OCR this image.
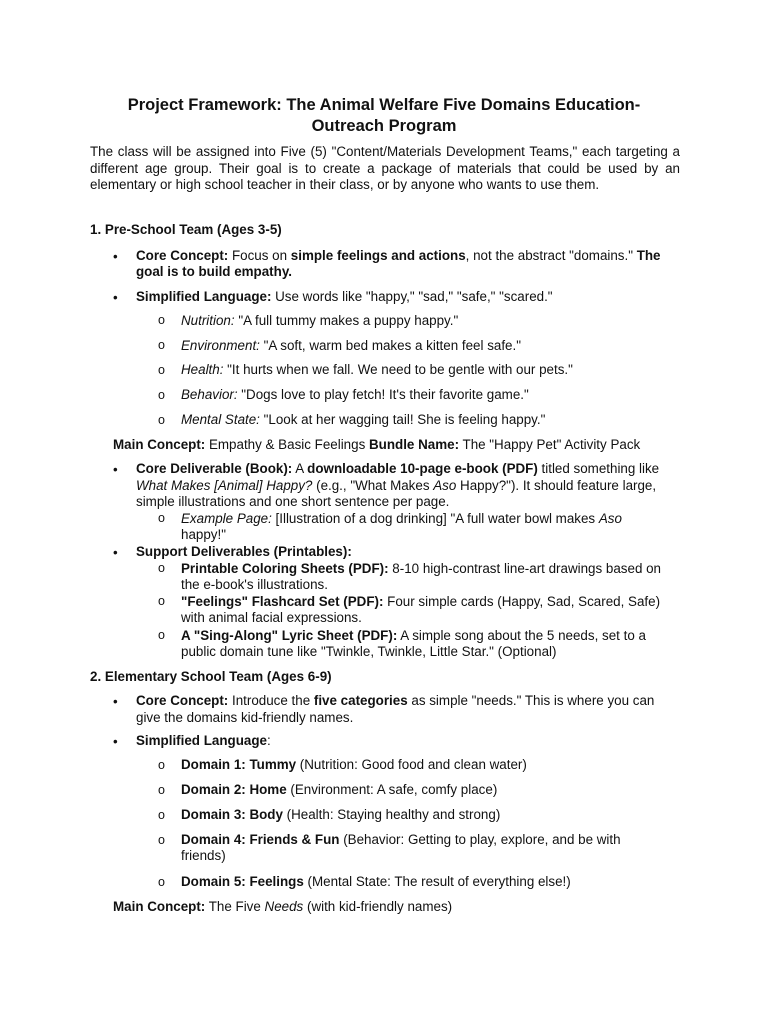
Project Framework: The Animal Welfare Five Domains Education-
Outreach Program
The class will be assigned into Five (5) "Content/Materials Development Teams," each targeting a different age group. Their goal is to create a package of materials that could be used by an elementary or high school teacher in their class, or by anyone who wants to use them.
1. Pre-School Team (Ages 3-5)
• Core Concept: Focus on simple feelings and actions, not the abstract "domains." The
goal is to build empathy.
• Simplified Language: Use words like "happy," "sad," "safe," "scared."
o Nutrition: "A full tummy makes a puppy happy."
o Environment: "A soft, warm bed makes a kitten feel safe."
o Health: "It hurts when we fall. We need to be gentle with our pets."
o Behavior: "Dogs love to play fetch! It's their favorite game."
o Mental State: "Look at her wagging tail! She is feeling happy."
Main Concept: Empathy & Basic Feelings Bundle Name: The "Happy Pet" Activity Pack
• Core Deliverable (Book): A downloadable 10-page e-book (PDF) titled something like
What Makes [Animal] Happy? (e.g., "What Makes Aso Happy?"). It should feature large,
simple illustrations and one short sentence per page.
o Example Page: [Illustration of a dog drinking] "A full water bowl makes Aso
happy!"
• Support Deliverables (Printables):
o Printable Coloring Sheets (PDF): 8-10 high-contrast line-art drawings based on
the e-book's illustrations.
o "Feelings" Flashcard Set (PDF): Four simple cards (Happy, Sad, Scared, Safe)
with animal facial expressions.
o A "Sing-Along" Lyric Sheet (PDF): A simple song about the 5 needs, set to a
public domain tune like "Twinkle, Twinkle, Little Star." (Optional)
2. Elementary School Team (Ages 6-9)
• Core Concept: Introduce the five categories as simple "needs." This is where you can
give the domains kid-friendly names.
• Simplified Language:
o Domain 1: Tummy (Nutrition: Good food and clean water)
o Domain 2: Home (Environment: A safe, comfy place)
o Domain 3: Body (Health: Staying healthy and strong)
o Domain 4: Friends & Fun (Behavior: Getting to play, explore, and be with
friends)
o Domain 5: Feelings (Mental State: The result of everything else!)
Main Concept: The Five Needs (with kid-friendly names)
